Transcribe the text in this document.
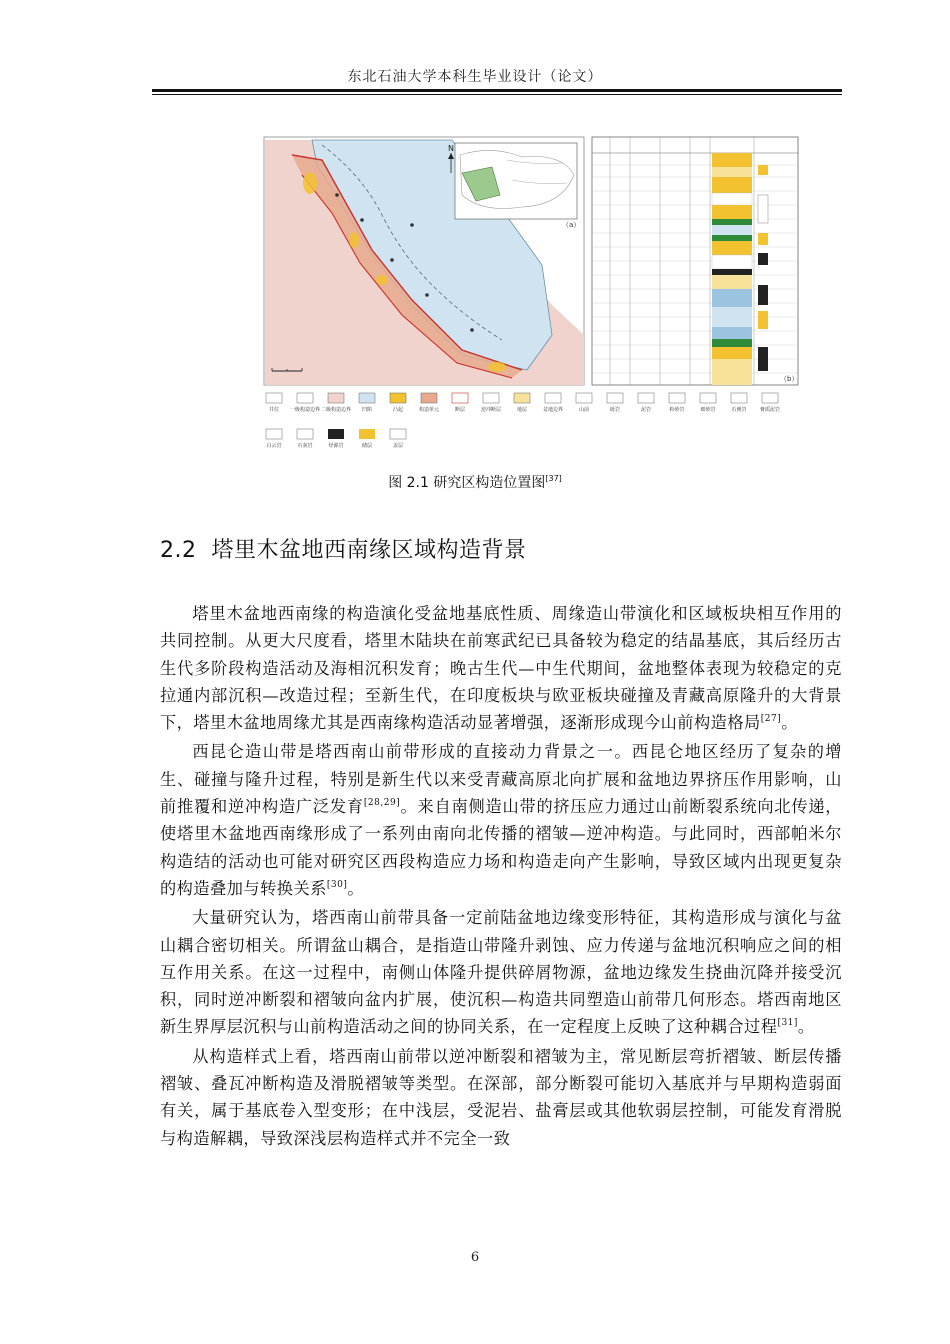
东北石油大学本科生毕业设计（论文）
N
（a）
（b）
井位 一级构造边界 二级构造边界 凹陷	凸起	构造单元	断层	逆冲断层	地层	盆地边界	山前	砾岩	泥岩	粉砂岩	细砂岩	石膏岩	膏质泥岩
白云岩	石灰岩	烃源岩	储层	盖层
图 2.1 研究区构造位置图[37]
2.2 塔里木盆地西南缘区域构造背景

塔里木盆地西南缘的构造演化受盆地基底性质、周缘造山带演化和区域板块相互作用的共同控制。从更大尺度看，塔里木陆块在前寒武纪已具备较为稳定的结晶基底，其后经历古生代多阶段构造活动及海相沉积发育；晚古生代—中生代期间，盆地整体表现为较稳定的克拉通内部沉积—改造过程；至新生代，在印度板块与欧亚板块碰撞及青藏高原隆升的大背景下，塔里木盆地周缘尤其是西南缘构造活动显著增强，逐渐形成现今山前构造格局[27]。

西昆仑造山带是塔西南山前带形成的直接动力背景之一。西昆仑地区经历了复杂的增生、碰撞与隆升过程，特别是新生代以来受青藏高原北向扩展和盆地边界挤压作用影响，山前推覆和逆冲构造广泛发育[28,29]。来自南侧造山带的挤压应力通过山前断裂系统向北传递，使塔里木盆地西南缘形成了一系列由南向北传播的褶皱—逆冲构造。与此同时，西部帕米尔构造结的活动也可能对研究区西段构造应力场和构造走向产生影响，导致区域内出现更复杂的构造叠加与转换关系[30]。

大量研究认为，塔西南山前带具备一定前陆盆地边缘变形特征，其构造形成与演化与盆山耦合密切相关。所谓盆山耦合，是指造山带隆升剥蚀、应力传递与盆地沉积响应之间的相互作用关系。在这一过程中，南侧山体隆升提供碎屑物源，盆地边缘发生挠曲沉降并接受沉积，同时逆冲断裂和褶皱向盆内扩展，使沉积—构造共同塑造山前带几何形态。塔西南地区新生界厚层沉积与山前构造活动之间的协同关系，在一定程度上反映了这种耦合过程[31]。

从构造样式上看，塔西南山前带以逆冲断裂和褶皱为主，常见断层弯折褶皱、断层传播褶皱、叠瓦冲断构造及滑脱褶皱等类型。在深部，部分断裂可能切入基底并与早期构造弱面有关，属于基底卷入型变形；在中浅层，受泥岩、盐膏层或其他软弱层控制，可能发育滑脱与构造解耦，导致深浅层构造样式并不完全一致

6
